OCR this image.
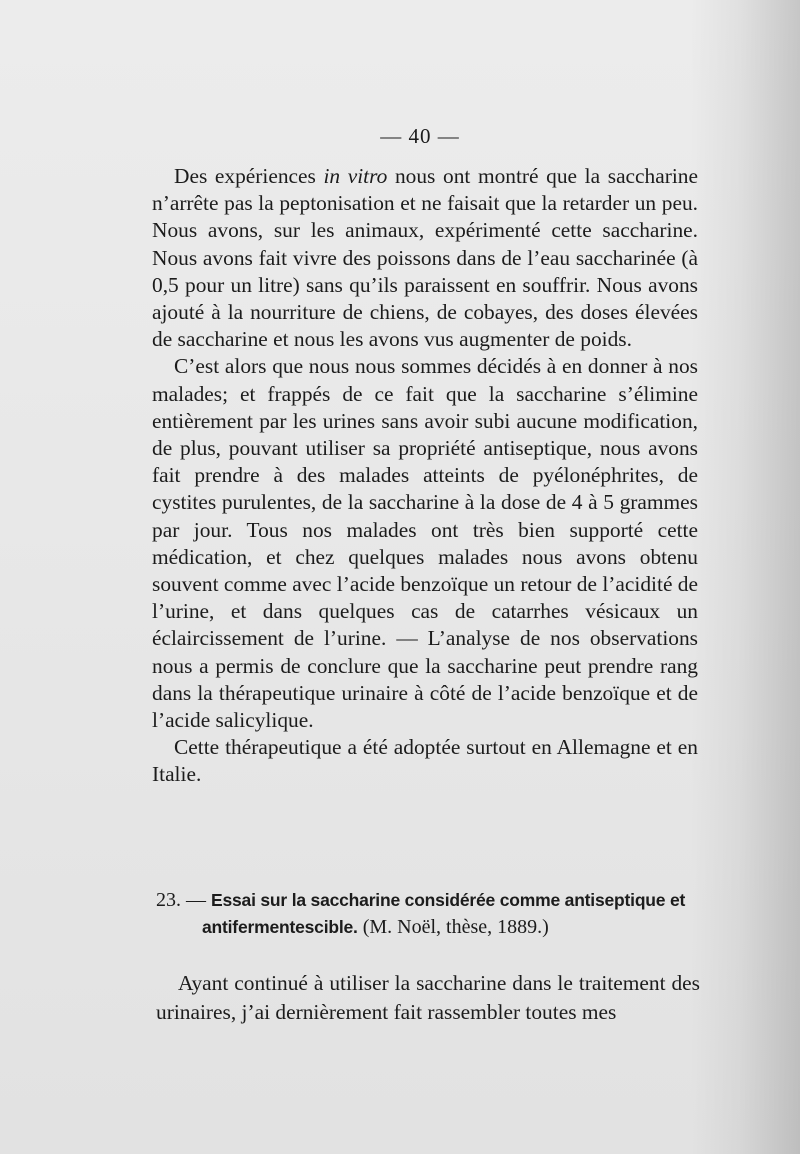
— 40 —

Des expériences in vitro nous ont montré que la saccharine n’arrête pas la peptonisation et ne faisait que la retarder un peu. Nous avons, sur les animaux, expérimenté cette saccharine. Nous avons fait vivre des poissons dans de l’eau saccharinée (à 0,5 pour un litre) sans qu’ils paraissent en souffrir. Nous avons ajouté à la nourriture de chiens, de cobayes, des doses élevées de saccharine et nous les avons vus augmenter de poids.

C’est alors que nous nous sommes décidés à en donner à nos malades; et frappés de ce fait que la saccharine s’élimine entièrement par les urines sans avoir subi aucune modification, de plus, pouvant utiliser sa propriété antiseptique, nous avons fait prendre à des malades atteints de pyélonéphrites, de cystites purulentes, de la saccharine à la dose de 4 à 5 grammes par jour. Tous nos malades ont très bien supporté cette médication, et chez quelques malades nous avons obtenu souvent comme avec l’acide benzoïque un retour de l’acidité de l’urine, et dans quelques cas de catarrhes vésicaux un éclaircissement de l’urine. — L’analyse de nos observations nous a permis de conclure que la saccharine peut prendre rang dans la thérapeutique urinaire à côté de l’acide benzoïque et de l’acide salicylique.

Cette thérapeutique a été adoptée surtout en Allemagne et en Italie.

23. — Essai sur la saccharine considérée comme antiseptique et
antifermentescible. (M. Noël, thèse, 1889.)

Ayant continué à utiliser la saccharine dans le traitement des urinaires, j’ai dernièrement fait rassembler toutes mes
